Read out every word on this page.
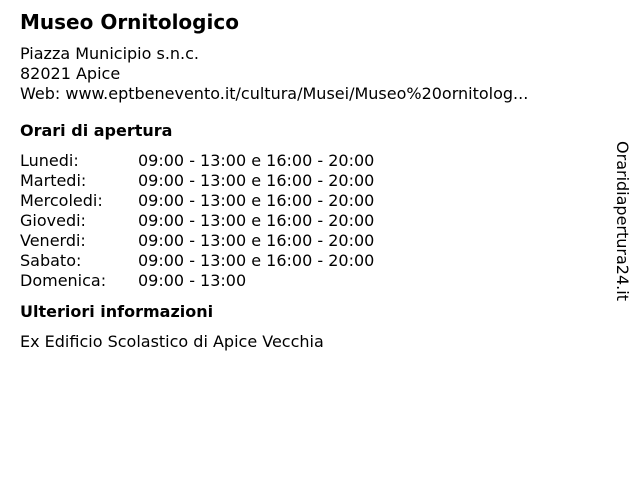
Museo Ornitologico
Piazza Municipio s.n.c.
82021 Apice
Web: www.eptbenevento.it/cultura/Musei/Museo%20ornitolog...
Orari di apertura
Lunedi:	09:00 - 13:00 e 16:00 - 20:00
Martedi:	09:00 - 13:00 e 16:00 - 20:00
Mercoledi:	09:00 - 13:00 e 16:00 - 20:00
Giovedi:	09:00 - 13:00 e 16:00 - 20:00
Venerdi:	09:00 - 13:00 e 16:00 - 20:00
Sabato:	09:00 - 13:00 e 16:00 - 20:00
Domenica:	09:00 - 13:00
Ulteriori informazioni
Ex Edificio Scolastico di Apice Vecchia
Oraridiapertura24.it
